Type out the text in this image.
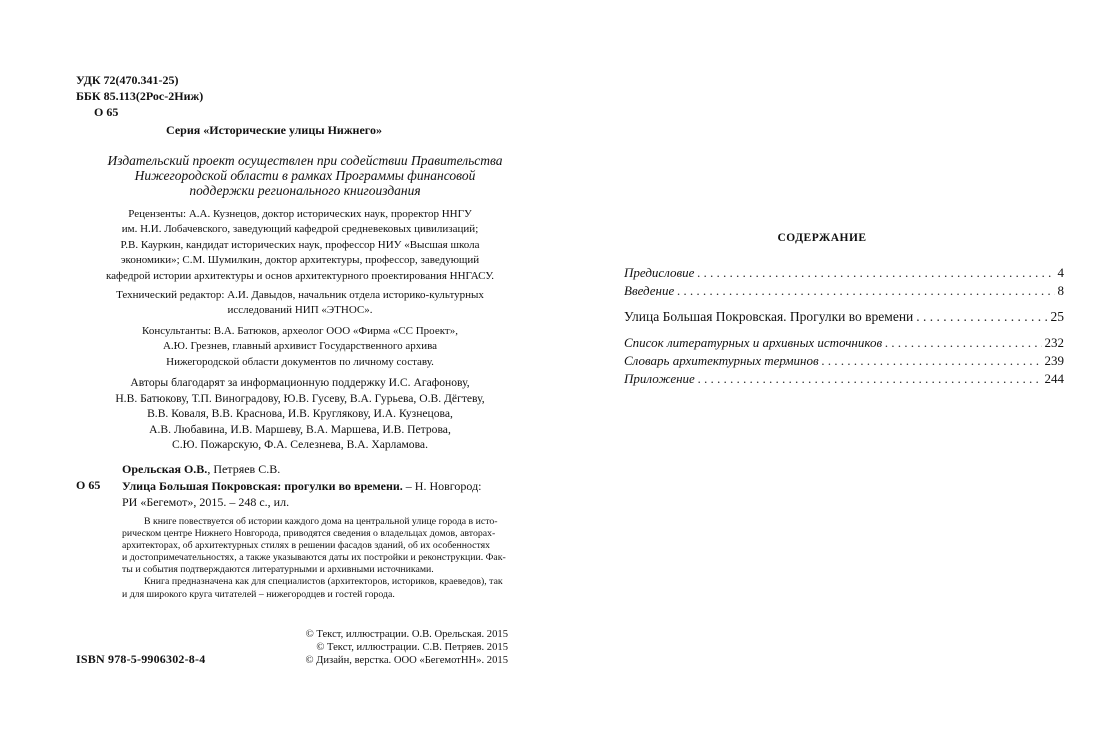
УДК 72(470.341-25)
ББК 85.113(2Рос-2Ниж)
О 65
Серия «Исторические улицы Нижнего»
Издательский проект осуществлен при содействии Правительства
Нижегородской области в рамках Программы финансовой
поддержки регионального книгоиздания
Рецензенты: А.А. Кузнецов, доктор исторических наук, проректор ННГУ
им. Н.И. Лобачевского, заведующий кафедрой средневековых цивилизаций;
Р.В. Кауркин, кандидат исторических наук, профессор НИУ «Высшая школа
экономики»; С.М. Шумилкин, доктор архитектуры, профессор, заведующий
кафедрой истории архитектуры и основ архитектурного проектирования ННГАСУ.
Технический редактор: А.И. Давыдов, начальник отдела историко-культурных
исследований НИП «ЭТНОС».
Консультанты: В.А. Батюков, археолог ООО «Фирма «СС Проект»,
А.Ю. Грезнев, главный архивист Государственного архива
Нижегородской области документов по личному составу.
Авторы благодарят за информационную поддержку И.С. Агафонову,
Н.В. Батюкову, Т.П. Виноградову, Ю.В. Гусеву, В.А. Гурьева, О.В. Дёгтеву,
В.В. Коваля, В.В. Краснова, И.В. Круглякову, И.А. Кузнецова,
А.В. Любавина, И.В. Маршеву, В.А. Маршева, И.В. Петрова,
С.Ю. Пожарскую, Ф.А. Селезнева, В.А. Харламова.
О 65
Орельская О.В., Петряев С.В.
Улица Большая Покровская: прогулки во времени. – Н. Новгород:
РИ «Бегемот», 2015. – 248 с., ил.
В книге повествуется об истории каждого дома на центральной улице города в исто-
рическом центре Нижнего Новгорода, приводятся сведения о владельцах домов, авторах-
архитекторах, об архитектурных стилях в решении фасадов зданий, об их особенностях
и достопримечательностях, а также указываются даты их постройки и реконструкции. Фак-
ты и события подтверждаются литературными и архивными источниками.
Книга предназначена как для специалистов (архитекторов, историков, краеведов), так
и для широкого круга читателей – нижегородцев и гостей города.
© Текст, иллюстрации. О.В. Орельская. 2015
© Текст, иллюстрации. С.В. Петряев. 2015
© Дизайн, верстка. ООО «БегемотНН». 2015
ISBN 978-5-9906302-8-4
СОДЕРЖАНИЕ
Предисловие . . .	4
Введение . . .	8
Улица Большая Покровская. Прогулки во времени . . .	25
Список литературных и архивных источников . . .	232
Словарь архитектурных терминов . . .	239
Приложение . . .	244
